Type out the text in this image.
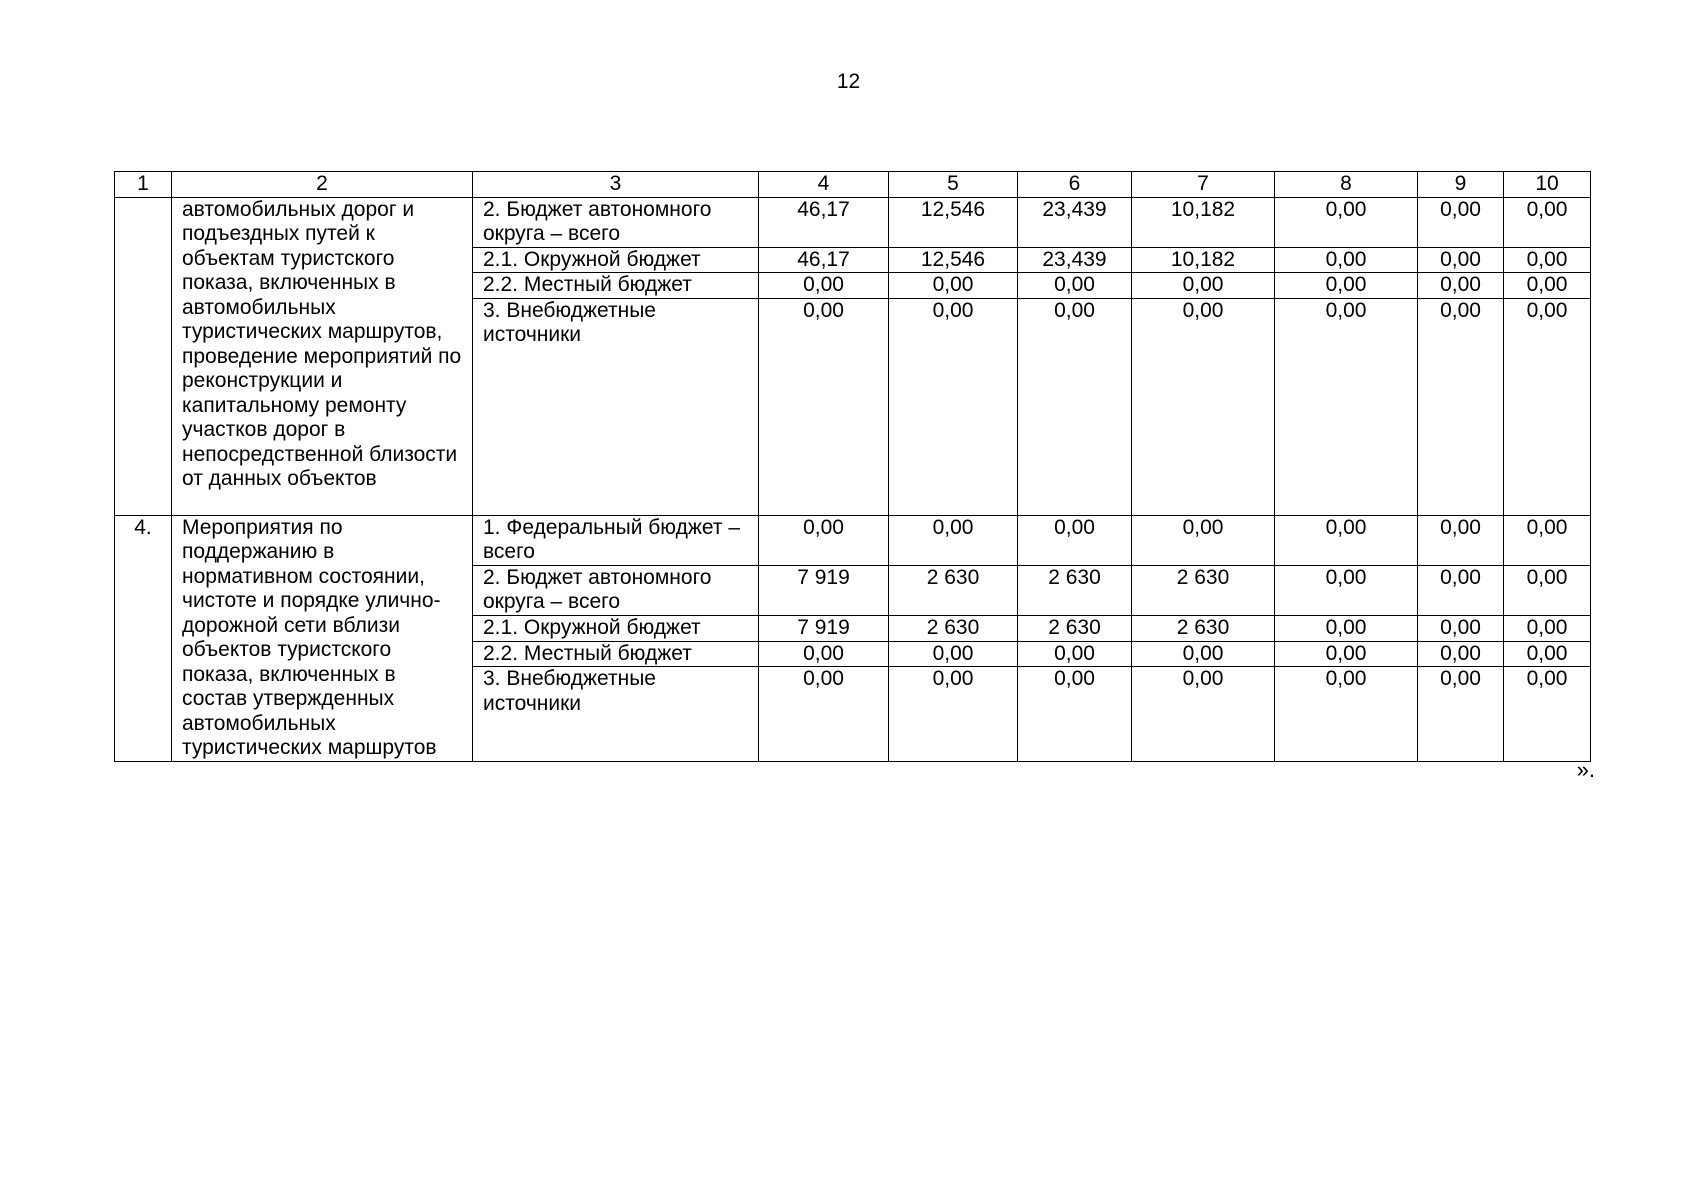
12
1	2	3	4	5	6	7	8	9	10
	автомобильных дорог и подъездных путей к объектам туристского показа, включенных в автомобильных туристических маршрутов, проведение мероприятий по реконструкции и капитальному ремонту участков дорог в непосредственной близости от данных объектов	2. Бюджет автономного округа – всего	46,17	12,546	23,439	10,182	0,00	0,00	0,00
		2.1. Окружной бюджет	46,17	12,546	23,439	10,182	0,00	0,00	0,00
		2.2. Местный бюджет	0,00	0,00	0,00	0,00	0,00	0,00	0,00
		3. Внебюджетные источники	0,00	0,00	0,00	0,00	0,00	0,00	0,00
4.	Мероприятия по поддержанию в нормативном состоянии, чистоте и порядке улично-дорожной сети вблизи объектов туристского показа, включенных в состав утвержденных автомобильных туристических маршрутов	1. Федеральный бюджет – всего	0,00	0,00	0,00	0,00	0,00	0,00	0,00
		2. Бюджет автономного округа – всего	7 919	2 630	2 630	2 630	0,00	0,00	0,00
		2.1. Окружной бюджет	7 919	2 630	2 630	2 630	0,00	0,00	0,00
		2.2. Местный бюджет	0,00	0,00	0,00	0,00	0,00	0,00	0,00
		3. Внебюджетные источники	0,00	0,00	0,00	0,00	0,00	0,00	0,00
».
